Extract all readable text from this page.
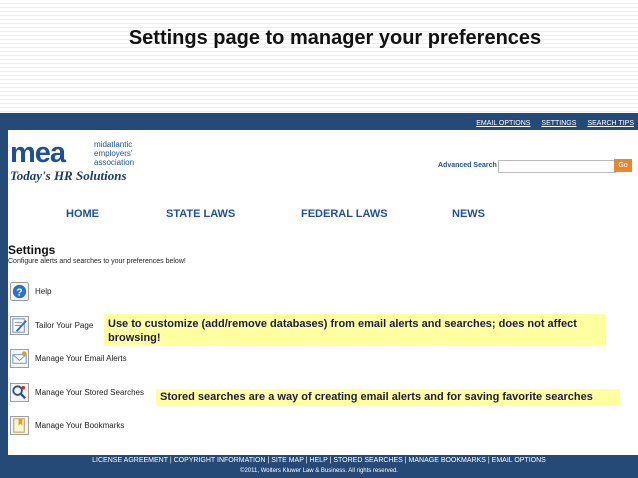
Settings page to manager your preferences
EMAIL OPTIONS SETTINGS SEARCH TIPS
mea	midatlantic
employers'
association
Today's HR Solutions
Advanced Search	Go
HOME	STATE LAWS	FEDERAL LAWS	NEWS
Settings
Configure alerts and searches to your preferences below!
? Help
Tailor Your Page
Manage Your Email Alerts
Manage Your Stored Searches
Manage Your Bookmarks
Use to customize (add/remove databases) from email alerts and searches; does not affect browsing!
Stored searches are a way of creating email alerts and for saving favorite searches
LICENSE AGREEMENT | COPYRIGHT INFORMATION | SITE MAP | HELP | STORED SEARCHES | MANAGE BOOKMARKS | EMAIL OPTIONS
©2011, Wolters Kluwer Law & Business. All rights reserved.
